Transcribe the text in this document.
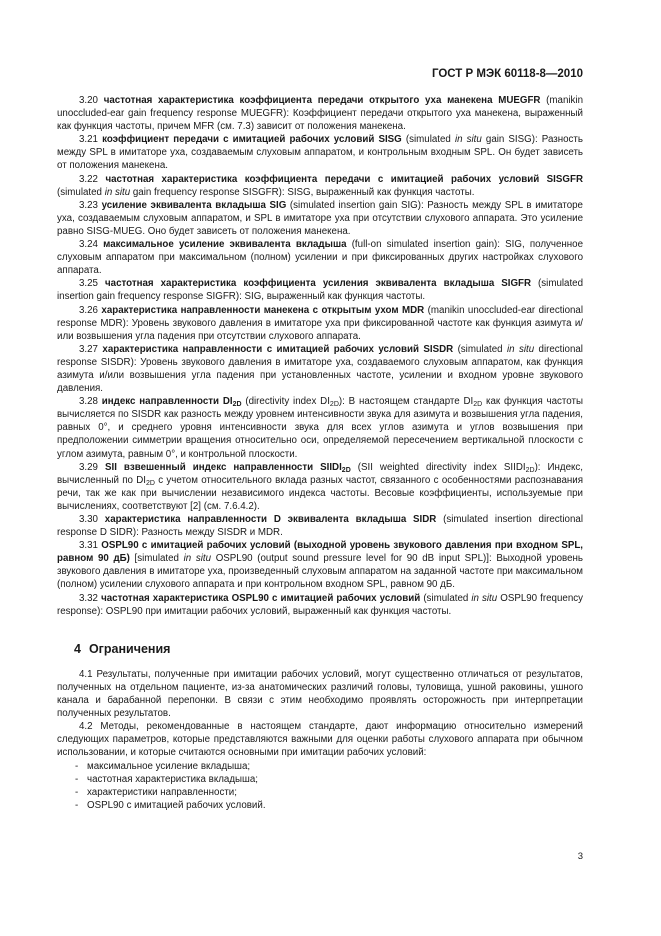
ГОСТ Р МЭК 60118-8—2010

3.20 частотная характеристика коэффициента передачи открытого уха манекена MUEGFR (manikin unoccluded-ear gain frequency response MUEGFR): Коэффициент передачи открытого уха манекена, выраженный как функция частоты, причем MFR (см. 7.3) зависит от положения манекена.

3.21 коэффициент передачи с имитацией рабочих условий SISG (simulated in situ gain SISG): Разность между SPL в имитаторе уха, создаваемым слуховым аппаратом, и контрольным входным SPL. Он будет зависеть от положения манекена.

3.22 частотная характеристика коэффициента передачи с имитацией рабочих условий SISGFR (simulated in situ gain frequency response SISGFR): SISG, выраженный как функция частоты.

3.23 усиление эквивалента вкладыша SIG (simulated insertion gain SIG): Разность между SPL в имитаторе уха, создаваемым слуховым аппаратом, и SPL в имитаторе уха при отсутствии слухового аппарата. Это усиление равно SISG-MUEG. Оно будет зависеть от положения манекена.

3.24 максимальное усиление эквивалента вкладыша (full-on simulated insertion gain): SIG, полученное слуховым аппаратом при максимальном (полном) усилении и при фиксированных других настройках слухового аппарата.

3.25 частотная характеристика коэффициента усиления эквивалента вкладыша SIGFR (simulated insertion gain frequency response SIGFR): SIG, выраженный как функция частоты.

3.26 характеристика направленности манекена с открытым ухом MDR (manikin unoccluded-ear directional response MDR): Уровень звукового давления в имитаторе уха при фиксированной частоте как функция азимута и/или возвышения угла падения при отсутствии слухового аппарата.

3.27 характеристика направленности с имитацией рабочих условий SISDR (simulated in situ directional response SISDR): Уровень звукового давления в имитаторе уха, создаваемого слуховым аппаратом, как функция азимута и/или возвышения угла падения при установленных частоте, усилении и входном уровне звукового давления.

3.28 индекс направленности $DI_{2D}$ (directivity index $DI_{2D}$): В настоящем стандарте $DI_{2D}$ как функция частоты вычисляется по SISDR как разность между уровнем интенсивности звука для азимута и возвышения угла падения, равных 0°, и среднего уровня интенсивности звука для всех углов азимута и углов возвышения при предположении симметрии вращения относительно оси, определяемой пересечением вертикальной плоскости с углом азимута, равным 0°, и контрольной плоскости.

3.29 SII взвешенный индекс направленности $SIIDI_{2D}$ (SII weighted directivity index $SIIDI_{2D}$): Индекс, вычисленный по $DI_{2D}$ с учетом относительного вклада разных частот, связанного с особенностями распознавания речи, так же как при вычислении независимого индекса частоты. Весовые коэффициенты, используемые при вычислениях, соответствуют [2] (см. 7.6.4.2).

3.30 характеристика направленности D эквивалента вкладыша SIDR (simulated insertion directional response D SIDR): Разность между SISDR и MDR.

3.31 OSPL90 с имитацией рабочих условий (выходной уровень звукового давления при входном SPL, равном 90 дБ) [simulated in situ OSPL90 (output sound pressure level for 90 dB input SPL)]: Выходной уровень звукового давления в имитаторе уха, произведенный слуховым аппаратом на заданной частоте при максимальном (полном) усилении слухового аппарата и при контрольном входном SPL, равном 90 дБ.

3.32 частотная характеристика OSPL90 с имитацией рабочих условий (simulated in situ OSPL90 frequency response): OSPL90 при имитации рабочих условий, выраженный как функция частоты.

4 Ограничения

4.1 Результаты, полученные при имитации рабочих условий, могут существенно отличаться от результатов, полученных на отдельном пациенте, из-за анатомических различий головы, туловища, ушной раковины, ушного канала и барабанной перепонки. В связи с этим необходимо проявлять осторожность при интерпретации полученных результатов.

4.2 Методы, рекомендованные в настоящем стандарте, дают информацию относительно измерений следующих параметров, которые представляются важными для оценки работы слухового аппарата при обычном использовании, и которые считаются основными при имитации рабочих условий:

- максимальное усиление вкладыша;
- частотная характеристика вкладыша;
- характеристики направленности;
- OSPL90 с имитацией рабочих условий.
3
